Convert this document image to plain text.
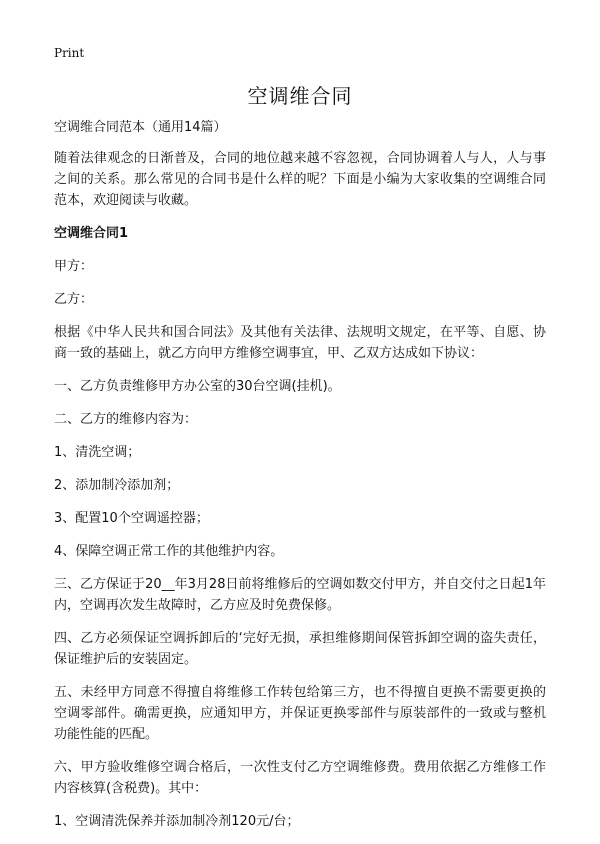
Print
空调维合同
空调维合同范本（通用14篇）
随着法律观念的日渐普及，合同的地位越来越不容忽视，合同协调着人与人，人与事之间的关系。那么常见的合同书是什么样的呢？下面是小编为大家收集的空调维合同范本，欢迎阅读与收藏。
空调维合同1
甲方：
乙方：
根据《中华人民共和国合同法》及其他有关法律、法规明文规定，在平等、自愿、协商一致的基础上，就乙方向甲方维修空调事宜，甲、乙双方达成如下协议：
一、乙方负责维修甲方办公室的30台空调(挂机)。
二、乙方的维修内容为：
1、清洗空调；
2、添加制冷添加剂；
3、配置10个空调遥控器；
4、保障空调正常工作的其他维护内容。
三、乙方保证于20__年3月28日前将维修后的空调如数交付甲方，并自交付之日起1年内，空调再次发生故障时，乙方应及时免费保修。
四、乙方必须保证空调拆卸后的‘完好无损，承担维修期间保管拆卸空调的盗失责任，保证维护后的安装固定。
五、未经甲方同意不得擅自将维修工作转包给第三方，也不得擅自更换不需要更换的空调零部件。确需更换，应通知甲方，并保证更换零部件与原装部件的一致或与整机功能性能的匹配。
六、甲方验收维修空调合格后，一次性支付乙方空调维修费。费用依据乙方维修工作内容核算(含税费)。其中：
1、空调清洗保养并添加制冷剂120元/台；
